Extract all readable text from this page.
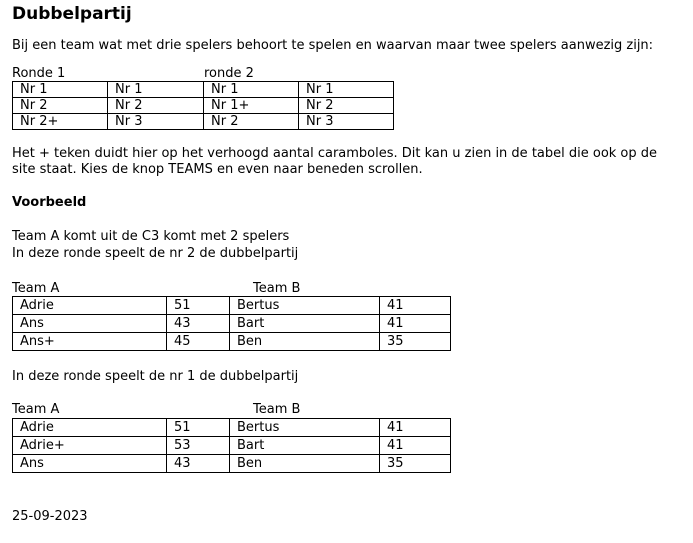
Dubbelpartij
Bij een team wat met drie spelers behoort te spelen en waarvan maar twee spelers aanwezig zijn:
Ronde 1	ronde 2
Nr 1	Nr 1	Nr 1	Nr 1
Nr 2	Nr 2	Nr 1+	Nr 2
Nr 2+	Nr 3	Nr 2	Nr 3
Het + teken duidt hier op het verhoogd aantal caramboles. Dit kan u zien in de tabel die ook op de
site staat. Kies de knop TEAMS en even naar beneden scrollen.
Voorbeeld
Team A komt uit de C3 komt met 2 spelers
In deze ronde speelt de nr 2 de dubbelpartij
Team A	Team B
Adrie	51	Bertus	41
Ans	43	Bart	41
Ans+	45	Ben	35
In deze ronde speelt de nr 1 de dubbelpartij
Team A	Team B
Adrie	51	Bertus	41
Adrie+	53	Bart	41
Ans	43	Ben	35
25-09-2023
